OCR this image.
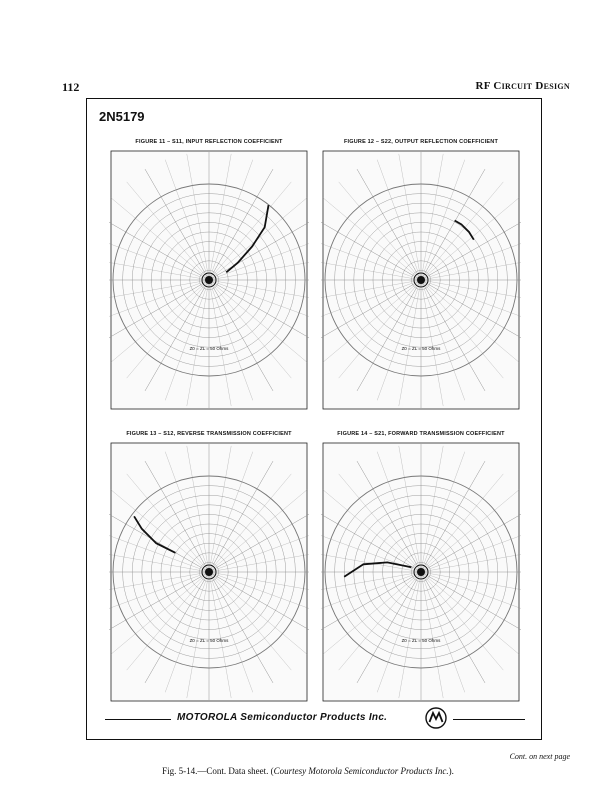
112	RF Circuit Design
2N5179
FIGURE 11 – S11, INPUT REFLECTION COEFFICIENT
Z0 = ZL = 50 Ohms
FIGURE 12 – S22, OUTPUT REFLECTION COEFFICIENT
Z0 = ZL = 50 Ohms
FIGURE 13 – S12, REVERSE TRANSMISSION COEFFICIENT
Z0 = ZL = 50 Ohms
FIGURE 14 – S21, FORWARD TRANSMISSION COEFFICIENT
Z0 = ZL = 50 Ohms
MOTOROLA Semiconductor Products Inc.
Cont. on next page
Fig. 5-14.—Cont. Data sheet. (Courtesy Motorola Semiconductor Products Inc.).
